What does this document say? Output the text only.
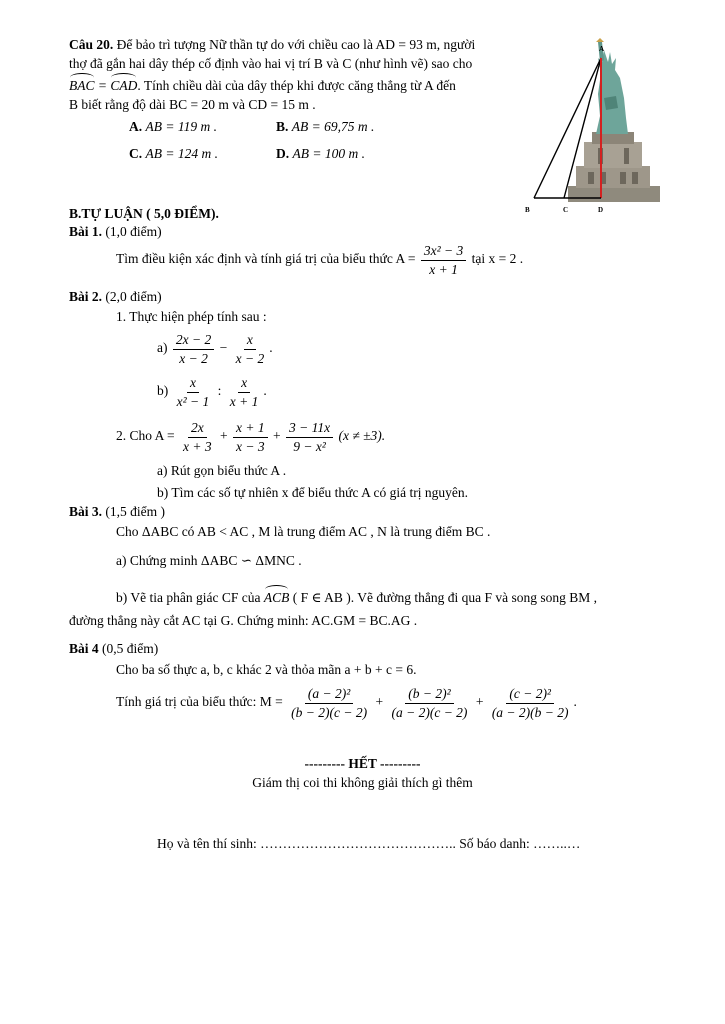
Câu 20. Để bảo trì tượng Nữ thần tự do với chiều cao là AD = 93 m, người
thợ đã gắn hai dây thép cố định vào hai vị trí B và C (như hình vẽ) sao cho
BAC = CAD. Tính chiều dài của dây thép khi được căng thẳng từ A đến
B biết rằng độ dài BC = 20 m và CD = 15 m .
A. AB = 119 m .	B. AB = 69,75 m .
C. AB = 124 m .	D. AB = 100 m .
A
B	C	D
B.TỰ LUẬN ( 5,0 ĐIỂM).
Bài 1. (1,0 điểm)
Tìm điều kiện xác định và tính giá trị của biểu thức $A = \frac{\text{3x² − 3}}{x + 1}$ tại x = 2 .
Bài 2. (2,0 điểm)
1. Thực hiện phép tính sau :
$a) \frac{2x - 2}{x - 2} - \frac{x}{x - 2}$ .
$b) \frac{x}{\text{x² − 1}}$ : $\frac{x}{x + 1}$ .
2. Cho $A = \frac{2x}{x + 3} + \frac{x + 1}{x - 3} + \frac{3 - 11x}{\text{9 − x²}} (x \ne \pm 3)$.
a) Rút gọn biểu thức A .
b) Tìm các số tự nhiên x để biểu thức A có giá trị nguyên.
Bài 3. (1,5 điểm )
Cho ΔABC có AB < AC , M là trung điểm AC , N là trung điểm BC .
a) Chứng minh ΔABC ∽ ΔMNC .
b) Vẽ tia phân giác CF của ACB ( F ∈ AB ). Vẽ đường thẳng đi qua F và song song BM ,
đường thẳng này cắt AC tại G. Chứng minh: AC.GM = BC.AG .
Bài 4 (0,5 điểm)
Cho ba số thực a, b, c khác 2 và thỏa mãn a + b + c = 6.
Tính giá trị của biểu thức: $M = \frac{\text{(a − 2)²}}{(b - 2)(c - 2)} + \frac{\text{(b − 2)²}}{(a - 2)(c - 2)} + \frac{\text{(c − 2)²}}{(a - 2)(b - 2)}$ .
--------- HẾT ---------
Giám thị coi thi không giải thích gì thêm
Họ và tên thí sinh: …………………………………….. Số báo danh: ……..…
